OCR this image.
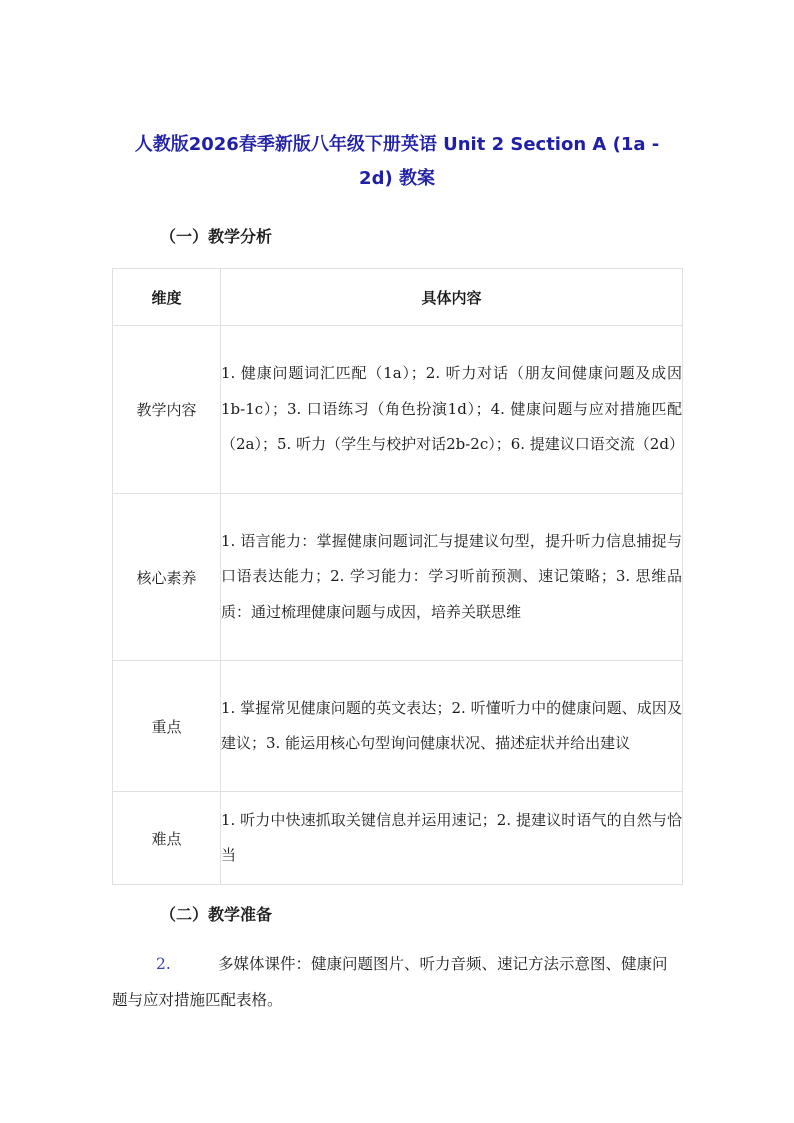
人教版2026春季新版八年级下册英语 Unit 2 Section A (1a -
2d) 教案
（一）教学分析
维度	具体内容
教学内容	1. 健康问题词汇匹配（1a）；2. 听力对话（朋友间健康问题及成因1b-1c）；3. 口语练习（角色扮演1d）；4. 健康问题与应对措施匹配（2a）；5. 听力（学生与校护对话2b-2c）；6. 提建议口语交流（2d）
核心素养	1. 语言能力：掌握健康问题词汇与提建议句型，提升听力信息捕捉与口语表达能力；2. 学习能力：学习听前预测、速记策略；3. 思维品质：通过梳理健康问题与成因，培养关联思维
重点	1. 掌握常见健康问题的英文表达；2. 听懂听力中的健康问题、成因及建议；3. 能运用核心句型询问健康状况、描述症状并给出建议
难点	1. 听力中快速抓取关键信息并运用速记；2. 提建议时语气的自然与恰当
（二）教学准备
2.	多媒体课件：健康问题图片、听力音频、速记方法示意图、健康问题与应对措施匹配表格。
